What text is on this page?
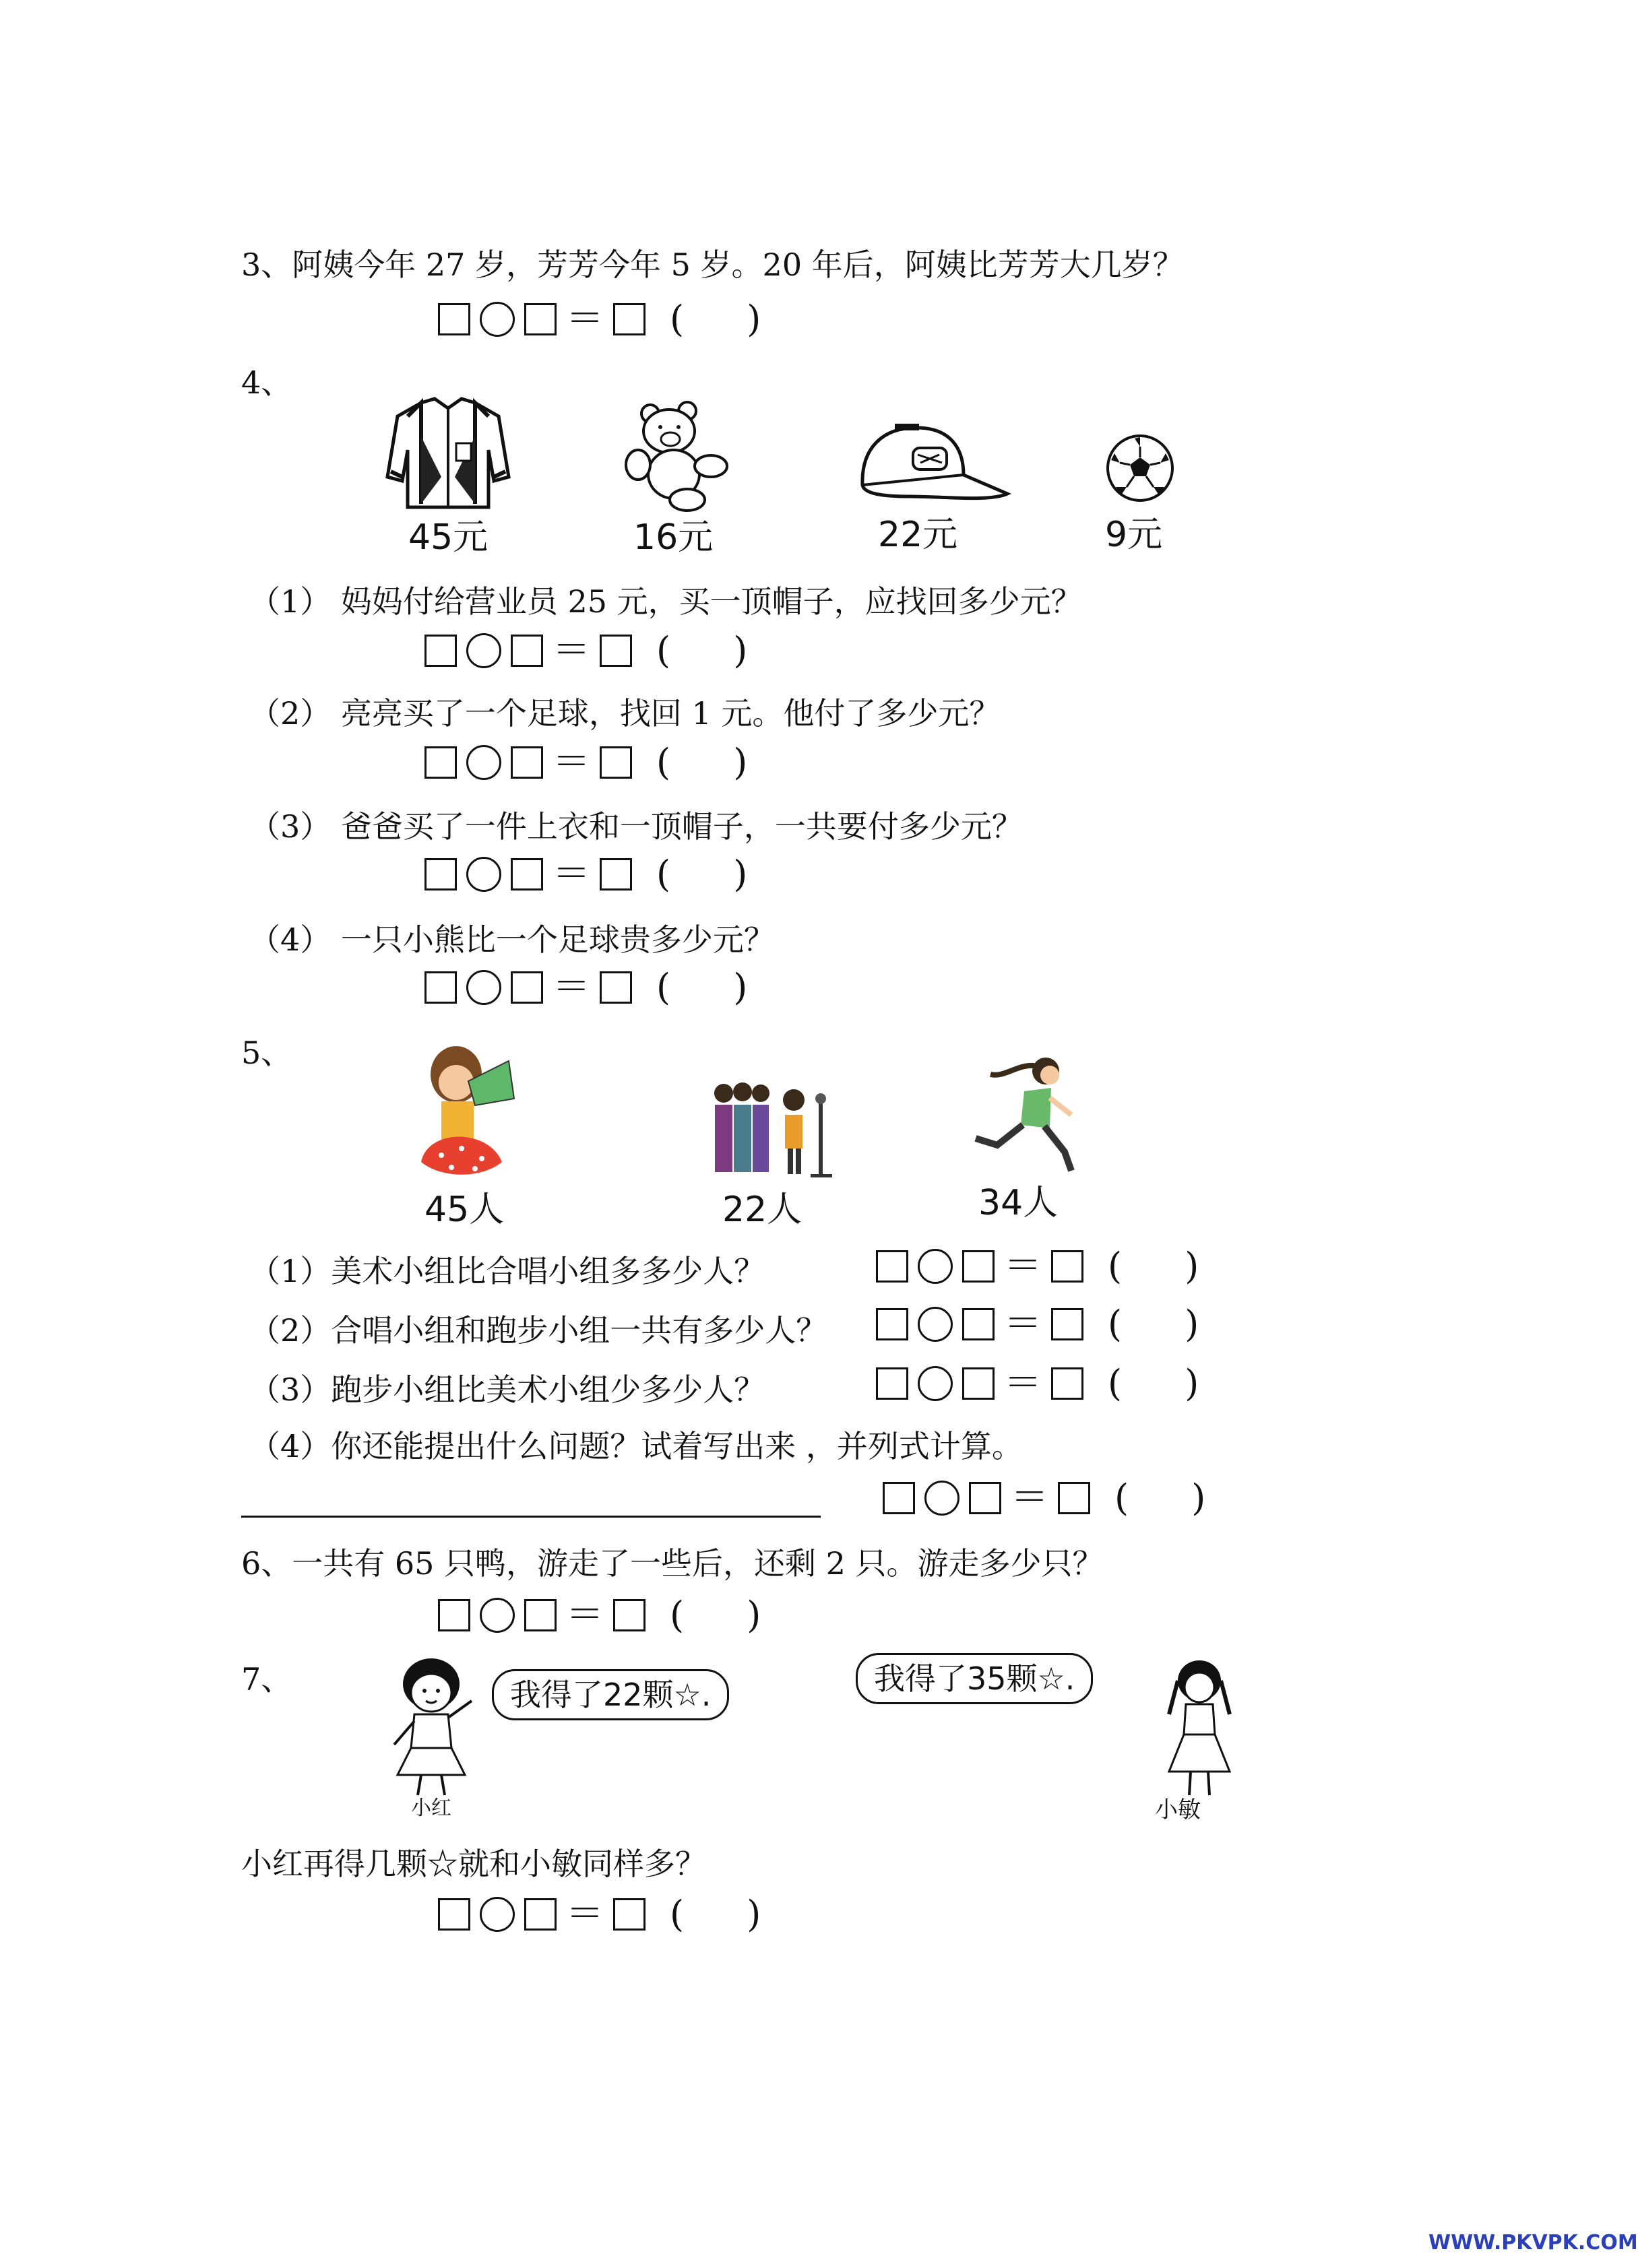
3、阿姨今年 27 岁，芳芳今年 5 岁。20 年后，阿姨比芳芳大几岁？
＝ ( )
4、
45元	16元	22元	9元
（1） 妈妈付给营业员 25 元，买一顶帽子，应找回多少元？
＝ ( )
（2） 亮亮买了一个足球，找回 1 元。他付了多少元？
＝ ( )
（3） 爸爸买了一件上衣和一顶帽子，一共要付多少元？
＝ ( )
（4） 一只小熊比一个足球贵多少元？
＝ ( )
5、
45人	22人	34人
（1）美术小组比合唱小组多多少人？	＝ ( )
（2）合唱小组和跑步小组一共有多少人？	＝ ( )
（3）跑步小组比美术小组少多少人？	＝ ( )
（4）你还能提出什么问题？试着写出来 ，并列式计算。
＝ ( )
6、一共有 65 只鸭，游走了一些后，还剩 2 只。游走多少只？
＝ ( )
7、	我得了22颗☆.
小红
我得了35颗☆.
小敏
小红再得几颗☆就和小敏同样多？
＝ ( )
WWW.PKVPK.COM
